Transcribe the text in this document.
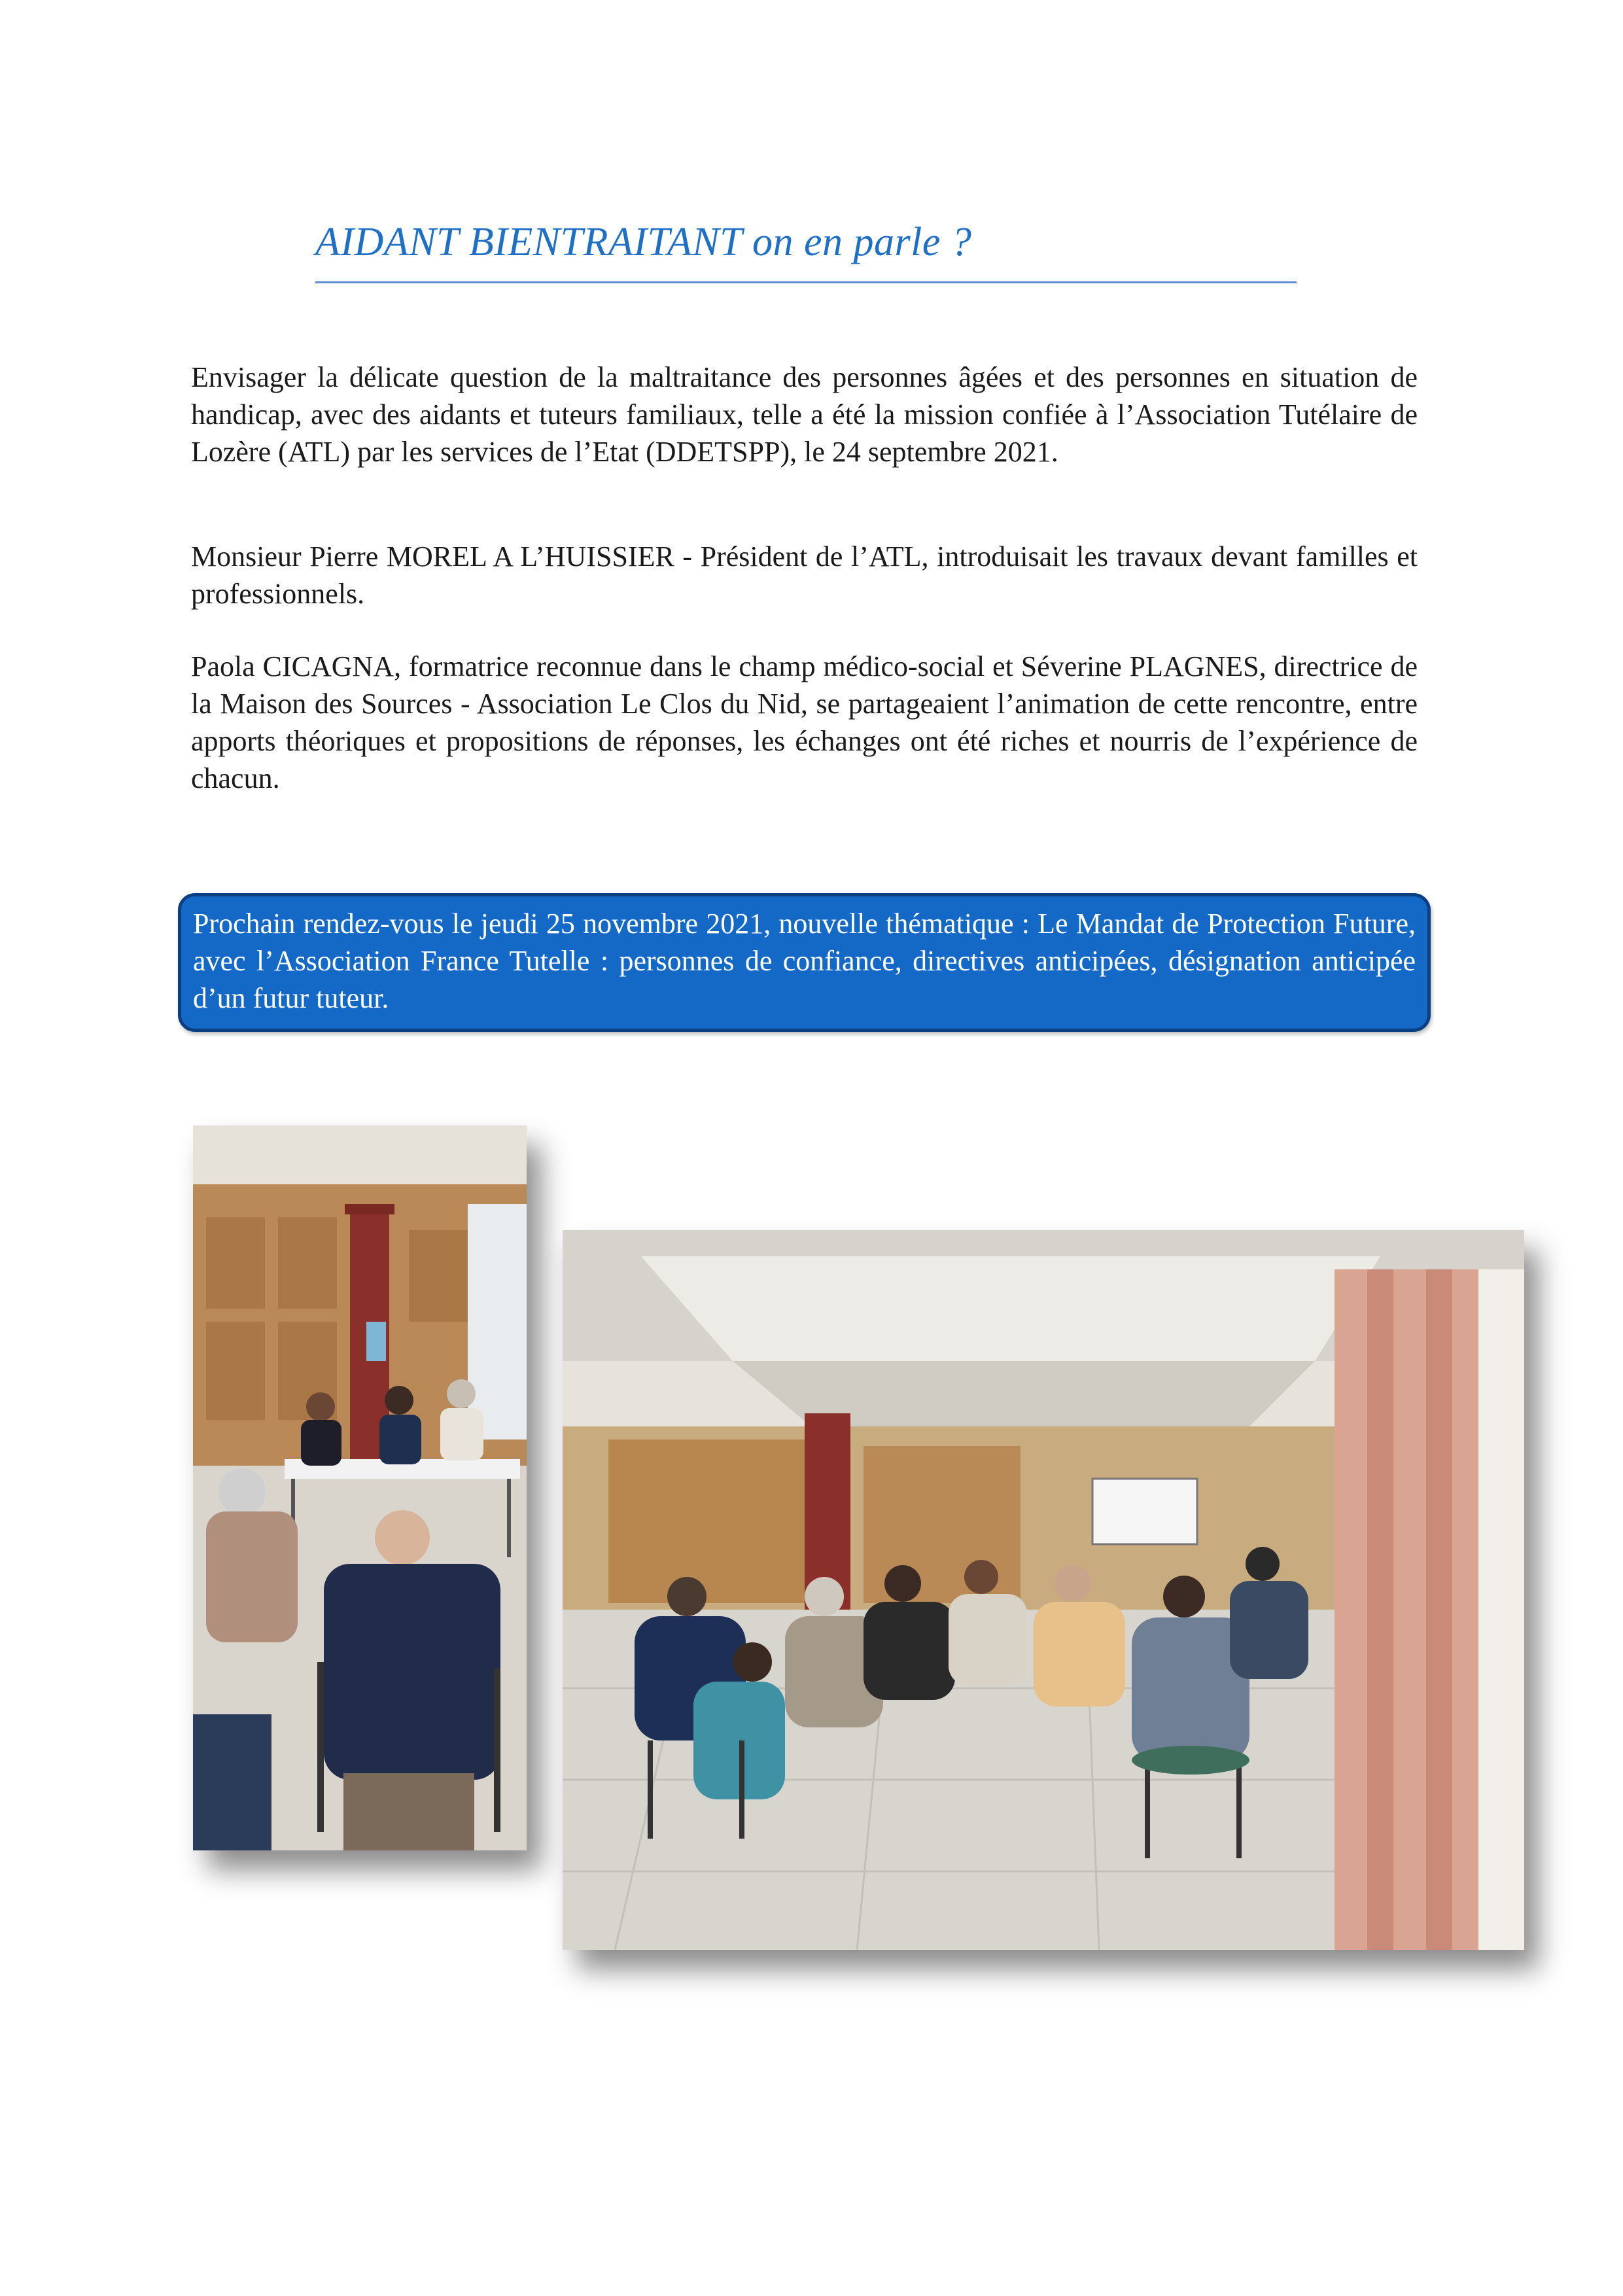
AIDANT BIENTRAITANT on en parle ?

Envisager la délicate question de la maltraitance des personnes âgées et des personnes en situation de handicap, avec des aidants et tuteurs familiaux, telle a été la mission confiée à l’Association Tutélaire de Lozère (ATL) par les services de l’Etat (DDETSPP), le 24 septembre 2021.

Monsieur Pierre MOREL A L’HUISSIER - Président de l’ATL, introduisait les travaux devant familles et professionnels.

Paola CICAGNA, formatrice reconnue dans le champ médico-social et Séverine PLAGNES, directrice de la Maison des Sources - Association Le Clos du Nid, se partageaient l’animation de cette rencontre, entre apports théoriques et propositions de réponses, les échanges ont été riches et nourris de l’expérience de chacun.

Prochain rendez-vous le jeudi 25 novembre 2021, nouvelle thématique : Le Mandat de Protection Future, avec l’Association France Tutelle : personnes de confiance, directives anticipées, désignation anticipée d’un futur tuteur.
